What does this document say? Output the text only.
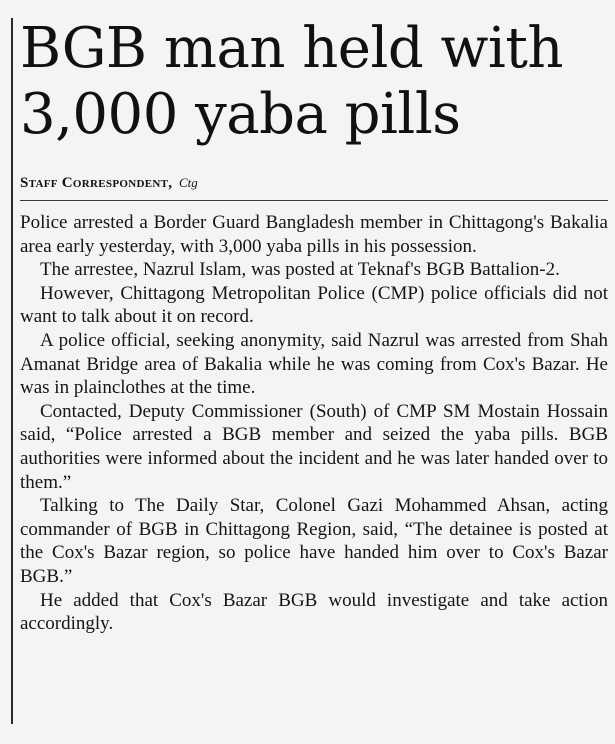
BGB man held with 3,000 yaba pills
Staff Correspondent, Ctg

Police arrested a Border Guard Bangladesh member in Chittagong's Bakalia area early yesterday, with 3,000 yaba pills in his possession.

The arrestee, Nazrul Islam, was posted at Teknaf's BGB Battalion-2.

However, Chittagong Metropolitan Police (CMP) police officials did not want to talk about it on record.

A police official, seeking anonymity, said Nazrul was arrested from Shah Amanat Bridge area of Bakalia while he was coming from Cox's Bazar. He was in plainclothes at the time.

Contacted, Deputy Commissioner (South) of CMP SM Mostain Hossain said, “Police arrested a BGB member and seized the yaba pills. BGB authorities were informed about the incident and he was later handed over to them.”

Talking to The Daily Star, Colonel Gazi Mohammed Ahsan, acting commander of BGB in Chittagong Region, said, “The detainee is posted at the Cox's Bazar region, so police have handed him over to Cox's Bazar BGB.”

He added that Cox's Bazar BGB would investigate and take action accordingly.
